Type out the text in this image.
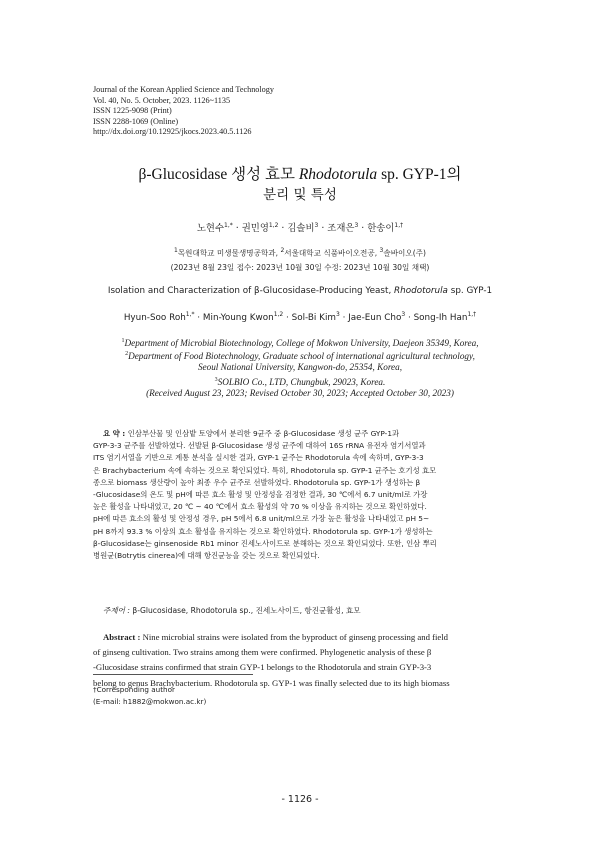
Journal of the Korean Applied Science and Technology
Vol. 40, No. 5. October, 2023. 1126~1135
ISSN 1225-9098 (Print)
ISSN 2288-1069 (Online)
http://dx.doi.org/10.12925/jkocs.2023.40.5.1126
β-Glucosidase 생성 효모 Rhodotorula sp. GYP-1의
분리 및 특성
노현수$^{1,*}$ · 권민영$^{1,2}$ · 김솔비$^3$ · 조재은$^3$ · 한송이$^{1,\dagger}$
$^1$목원대학교 미생물생명공학과, $^2$서울대학교 식품바이오전공, $^3$솔바이오(주)
(2023년 8월 23일 접수: 2023년 10월 30일 수정: 2023년 10월 30일 채택)
Isolation and Characterization of β-Glucosidase-Producing Yeast, Rhodotorula sp. GYP-1
Hyun-Soo Roh$^{1,*}$ · Min-Young Kwon$^{1,2}$ · Sol-Bi Kim$^3$ · Jae-Eun Cho$^3$ · Song-Ih Han$^{1,\dagger}$
$^1$Department of Microbial Biotechnology, College of Mokwon University, Daejeon 35349, Korea,
$^2$Department of Food Biotechnology, Graduate school of international agricultural technology,
Seoul National University, Kangwon-do, 25354, Korea,
$^3$SOLBIO Co., LTD, Chungbuk, 29023, Korea.
(Received August 23, 2023; Revised October 30, 2023; Accepted October 30, 2023)
요 약 : 인삼부산물 및 인삼밭 토양에서 분리한 9균주 중 β-Glucosidase 생성 균주 GYP-1과
GYP-3-3 균주를 선발하였다. 선발된 β-Glucosidase 생성 균주에 대하여 16S rRNA 유전자 염기서열과
ITS 염기서열을 기반으로 계통 분석을 실시한 결과, GYP-1 균주는 Rhodotorula 속에 속하며, GYP-3-3
은 Brachybacterium 속에 속하는 것으로 확인되었다. 특히, Rhodotorula sp. GYP-1 균주는 호기성 효모
종으로 biomass 생산량이 높아 최종 우수 균주로 선발하였다. Rhodotorula sp. GYP-1가 생성하는 β
-Glucosidase의 온도 및 pH에 따른 효소 활성 및 안정성을 검정한 결과, 30 ℃에서 6.7 unit/ml로 가장
높은 활성을 나타내었고, 20 ℃ ~ 40 ℃에서 효소 활성의 약 70 % 이상을 유지하는 것으로 확인하였다.
pH에 따른 효소의 활성 및 안정성 경우, pH 5에서 6.8 unit/ml으로 가장 높은 활성을 나타내었고 pH 5~
pH 8까지 93.3 % 이상의 효소 활성을 유지하는 것으로 확인하였다. Rhodotorula sp. GYP-1가 생성하는
β-Glucosidase는 ginsenoside Rb1 minor 진세노사이드로 분해하는 것으로 확인되었다. 또한, 인삼 뿌리
병원균(Botrytis cinerea)에 대해 항진균능을 갖는 것으로 확인되었다.
주제어 : β-Glucosidase, Rhodotorula sp., 진세노사이드, 항진균활성, 효모
Abstract : Nine microbial strains were isolated from the byproduct of ginseng processing and field
of ginseng cultivation. Two strains among them were confirmed. Phylogenetic analysis of these β
-Glucosidase strains confirmed that strain GYP-1 belongs to the Rhodotorula and strain GYP-3-3
belong to genus Brachybacterium. Rhodotorula sp. GYP-1 was finally selected due to its high biomass
†Corresponding author
(E-mail: h1882@mokwon.ac.kr)
- 1126 -
